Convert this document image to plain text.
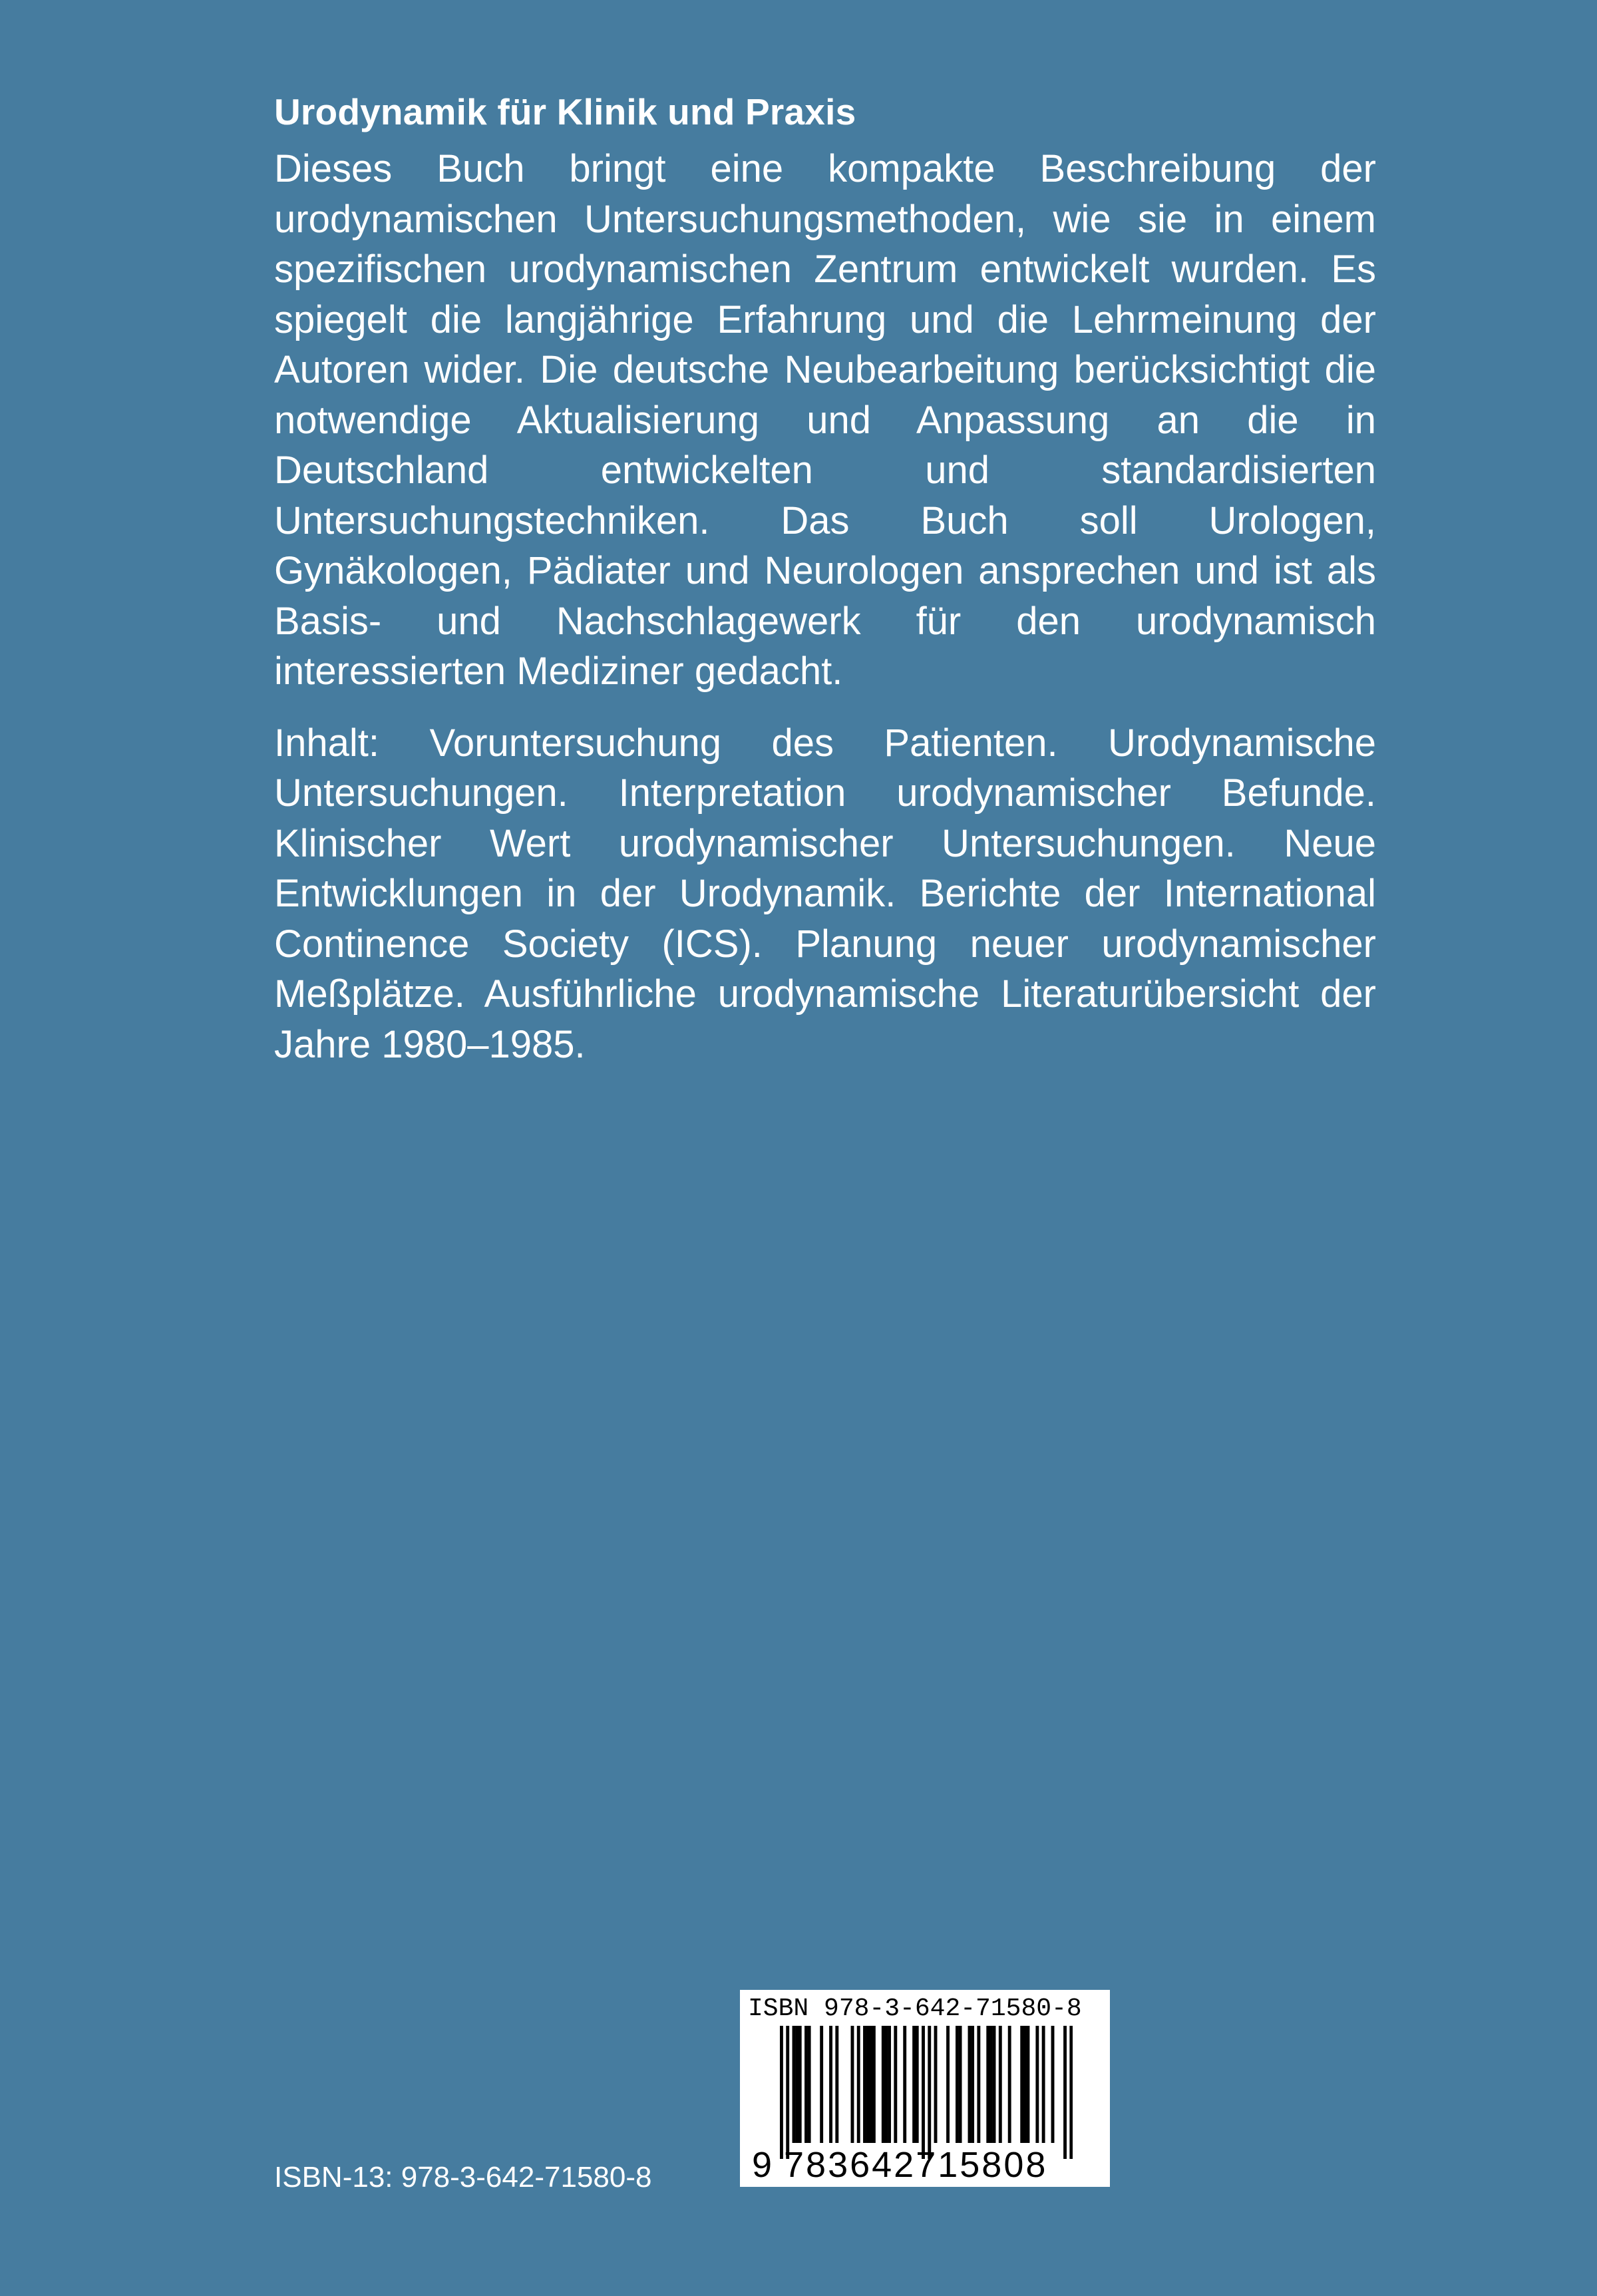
Urodynamik für Klinik und Praxis

Dieses Buch bringt eine kompakte Beschreibung der urodynamischen Untersuchungsmethoden, wie sie in einem spezifischen urodynamischen Zentrum entwickelt wurden. Es spiegelt die langjährige Erfahrung und die Lehrmeinung der Autoren wider. Die deutsche Neubearbeitung berücksichtigt die notwendige Aktualisierung und Anpassung an die in Deutschland entwickelten und standardisierten Untersuchungstechniken. Das Buch soll Urologen, Gynäkologen, Pädiater und Neurologen ansprechen und ist als Basis- und Nachschlagewerk für den urodynamisch interessierten Mediziner gedacht.

Inhalt: Voruntersuchung des Patienten. Urodynamische Untersuchungen. Interpretation urodynamischer Befunde. Klinischer Wert urodynamischer Untersuchungen. Neue Entwicklungen in der Urodynamik. Berichte der International Continence Society (ICS). Planung neuer urodynamischer Meßplätze. Ausführliche urodynamische Literaturübersicht der Jahre 1980–1985.

ISBN 978-3-642-71580-8
9 783642715808
ISBN-13: 978-3-642-71580-8
